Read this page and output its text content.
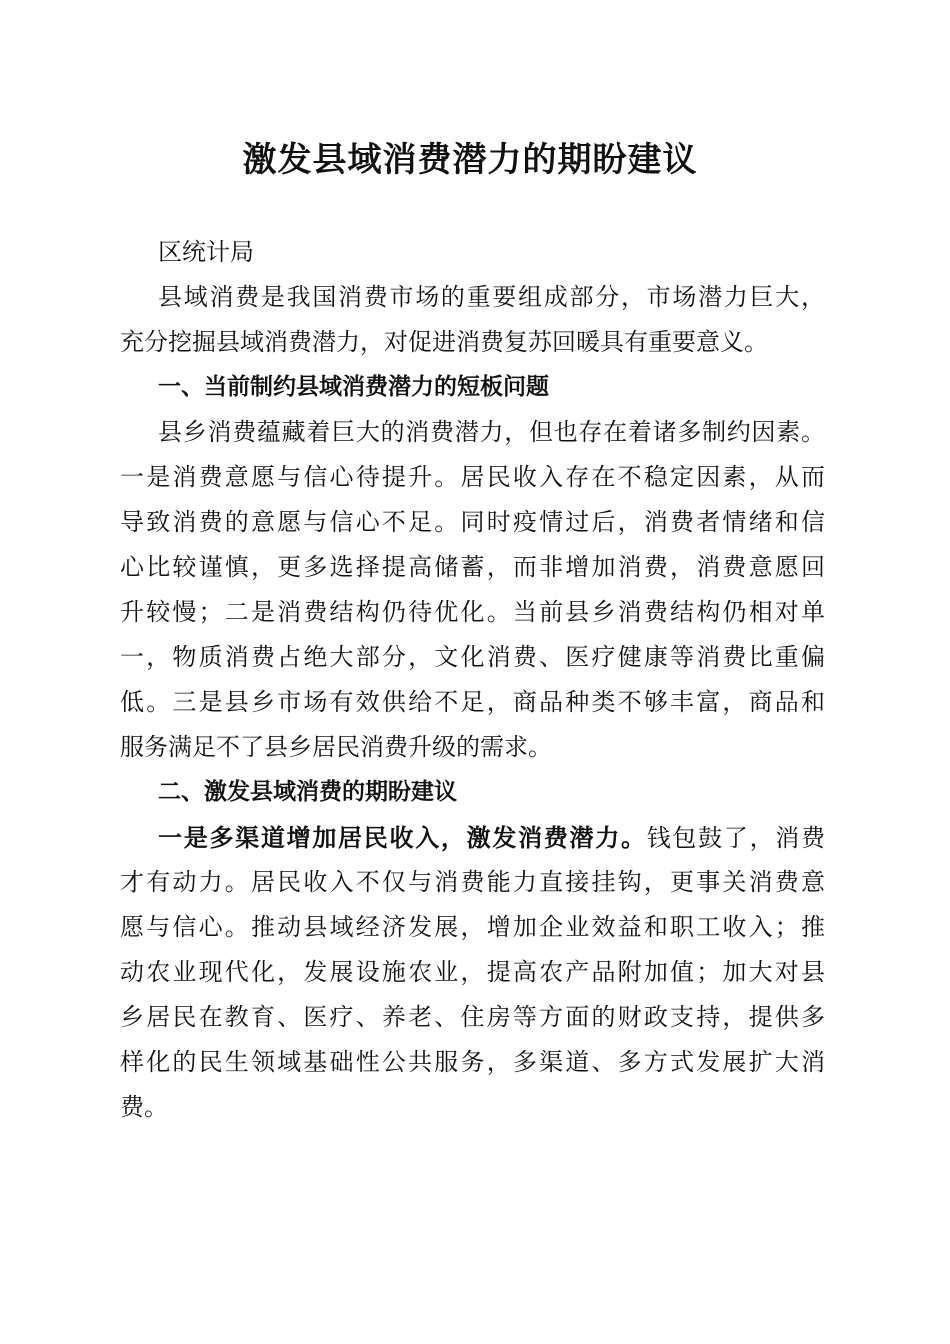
激发县域消费潜力的期盼建议
区统计局
县域消费是我国消费市场的重要组成部分，市场潜力巨大，
充分挖掘县域消费潜力，对促进消费复苏回暖具有重要意义。
一、当前制约县域消费潜力的短板问题
县乡消费蕴藏着巨大的消费潜力，但也存在着诸多制约因素。
一是消费意愿与信心待提升。居民收入存在不稳定因素，从而
导致消费的意愿与信心不足。同时疫情过后，消费者情绪和信
心比较谨慎，更多选择提高储蓄，而非增加消费，消费意愿回
升较慢；二是消费结构仍待优化。当前县乡消费结构仍相对单
一，物质消费占绝大部分，文化消费、医疗健康等消费比重偏
低。三是县乡市场有效供给不足，商品种类不够丰富，商品和
服务满足不了县乡居民消费升级的需求。
二、激发县域消费的期盼建议
一是多渠道增加居民收入，激发消费潜力。钱包鼓了，消费
才有动力。居民收入不仅与消费能力直接挂钩，更事关消费意
愿与信心。推动县域经济发展，增加企业效益和职工收入；推
动农业现代化，发展设施农业，提高农产品附加值；加大对县
乡居民在教育、医疗、养老、住房等方面的财政支持，提供多
样化的民生领域基础性公共服务，多渠道、多方式发展扩大消
费。
